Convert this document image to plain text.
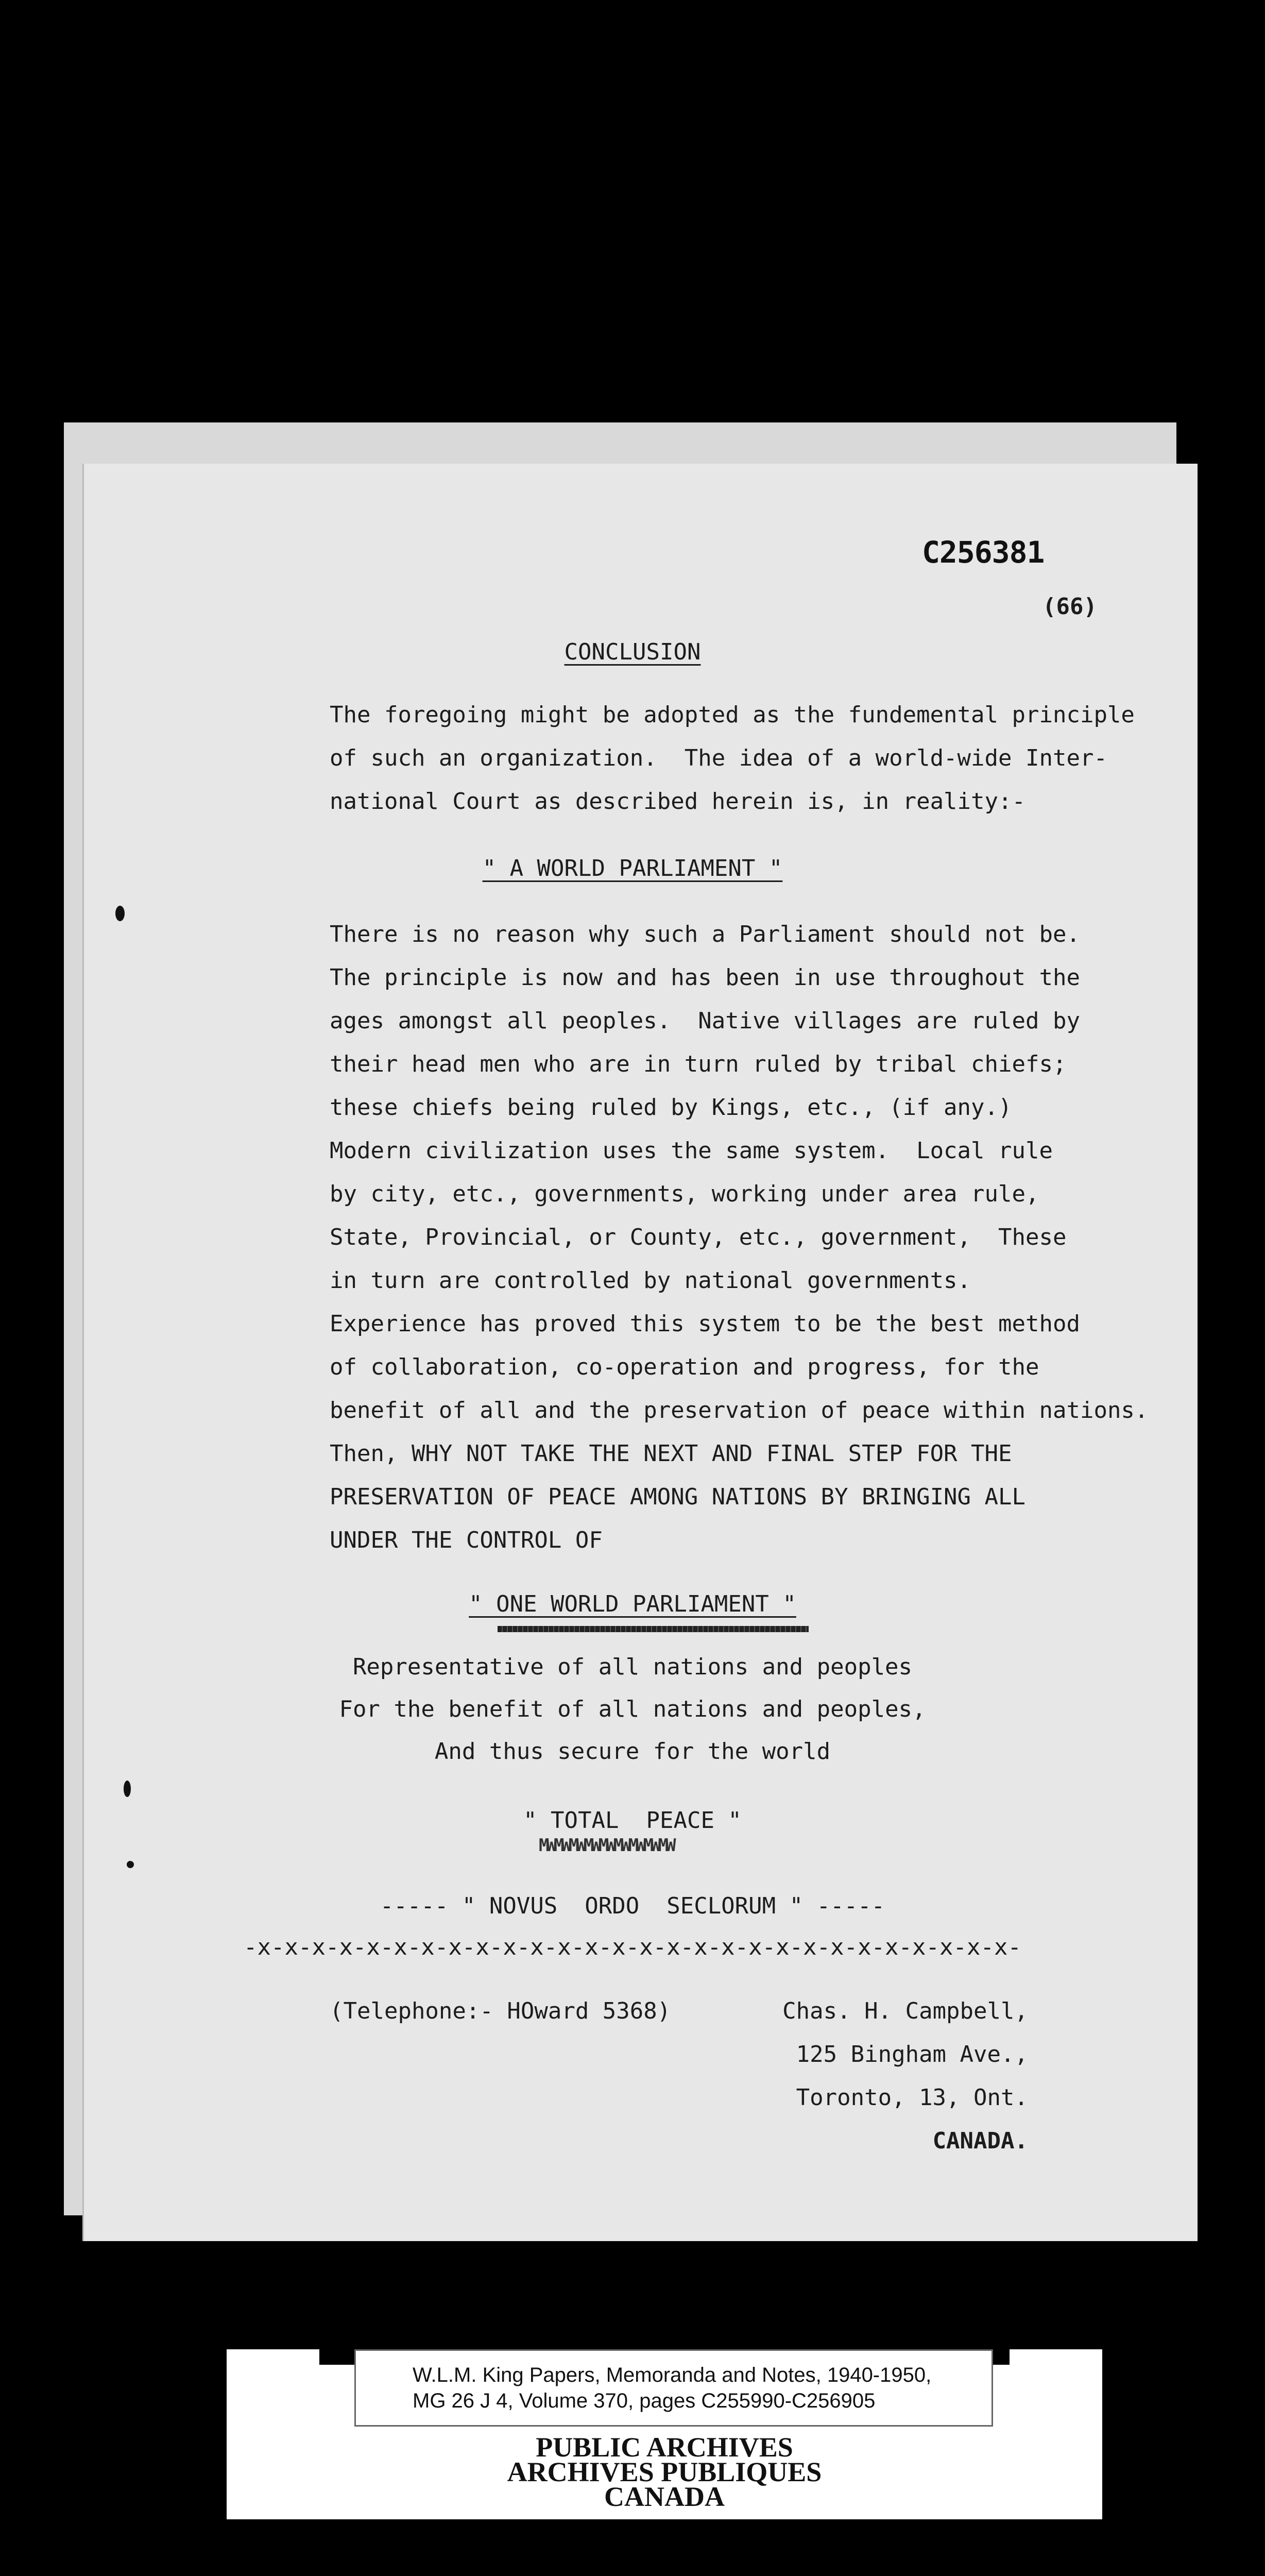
C256381
(66)
CONCLUSION
The foregoing might be adopted as the fundemental principle
of such an organization.  The idea of a world-wide Inter-
national Court as described herein is, in reality:-
" A WORLD PARLIAMENT "
There is no reason why such a Parliament should not be.
The principle is now and has been in use throughout the
ages amongst all peoples.  Native villages are ruled by
their head men who are in turn ruled by tribal chiefs;
these chiefs being ruled by Kings, etc., (if any.)
Modern civilization uses the same system.  Local rule
by city, etc., governments, working under area rule,
State, Provincial, or County, etc., government,  These
in turn are controlled by national governments.
Experience has proved this system to be the best method
of collaboration, co-operation and progress, for the
benefit of all and the preservation of peace within nations.
Then, WHY NOT TAKE THE NEXT AND FINAL STEP FOR THE
PRESERVATION OF PEACE AMONG NATIONS BY BRINGING ALL
UNDER THE CONTROL OF
" ONE WORLD PARLIAMENT "
Representative of all nations and peoples
For the benefit of all nations and peoples,
And thus secure for the world
" TOTAL  PEACE "
MWMWMWMWMWMWMWMWMW
----- " NOVUS  ORDO  SECLORUM " -----
-x-x-x-x-x-x-x-x-x-x-x-x-x-x-x-x-x-x-x-x-x-x-x-x-x-x-x-x-
(Telephone:- HOward 5368)	Chas. H. Campbell,
125 Bingham Ave.,
Toronto, 13, Ont.
CANADA.
W.L.M. King Papers, Memoranda and Notes, 1940-1950,
MG 26 J 4, Volume 370, pages C255990-C256905
PUBLIC ARCHIVES
ARCHIVES PUBLIQUES
CANADA
